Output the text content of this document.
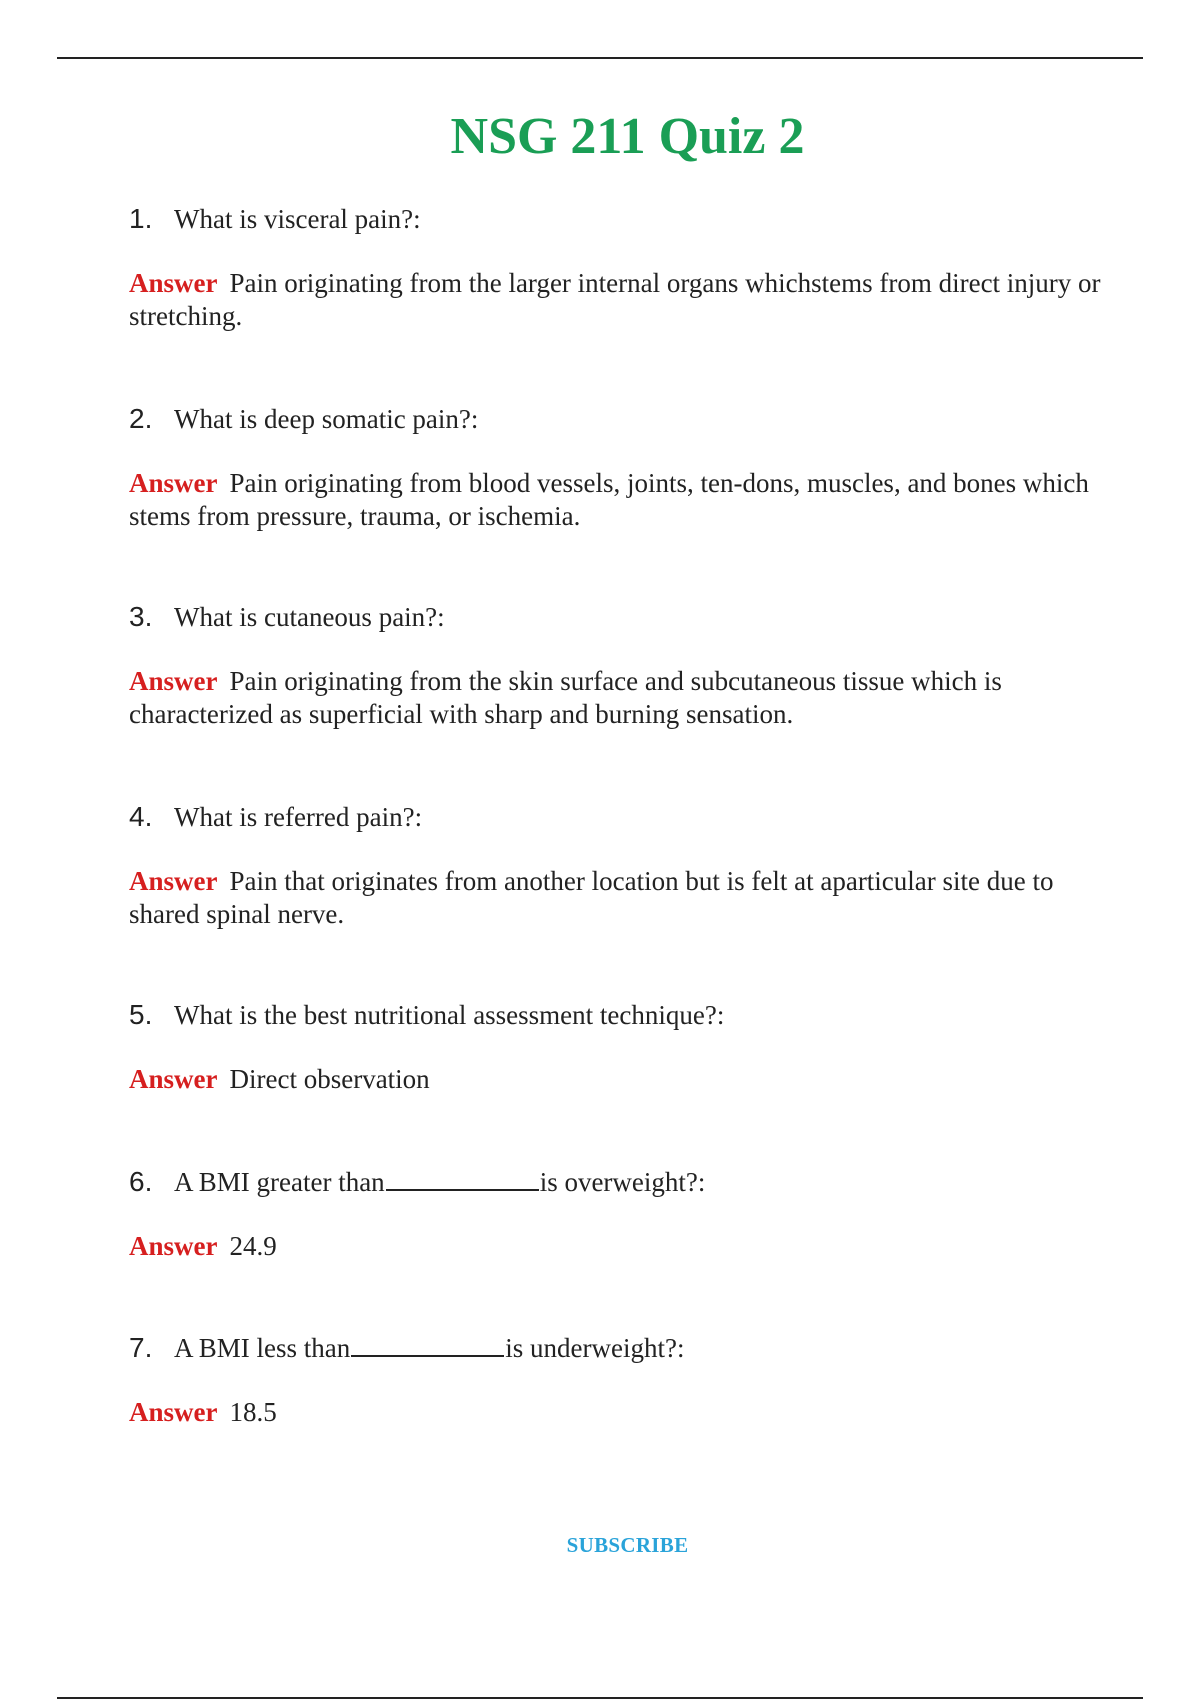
NSG 211 Quiz 2
1. What is visceral pain?:
Answer Pain originating from the larger internal organs whichstems from direct injury or stretching.
2. What is deep somatic pain?:
Answer Pain originating from blood vessels, joints, ten-dons, muscles, and bones which stems from pressure, trauma, or ischemia.
3. What is cutaneous pain?:
Answer Pain originating from the skin surface and subcutaneous tissue which is characterized as superficial with sharp and burning sensation.
4. What is referred pain?:
Answer Pain that originates from another location but is felt at aparticular site due to shared spinal nerve.
5. What is the best nutritional assessment technique?:
Answer Direct observation
6. A BMI greater than	is overweight?:
Answer 24.9
7. A BMI less than	is underweight?:
Answer 18.5
SUBSCRIBE
